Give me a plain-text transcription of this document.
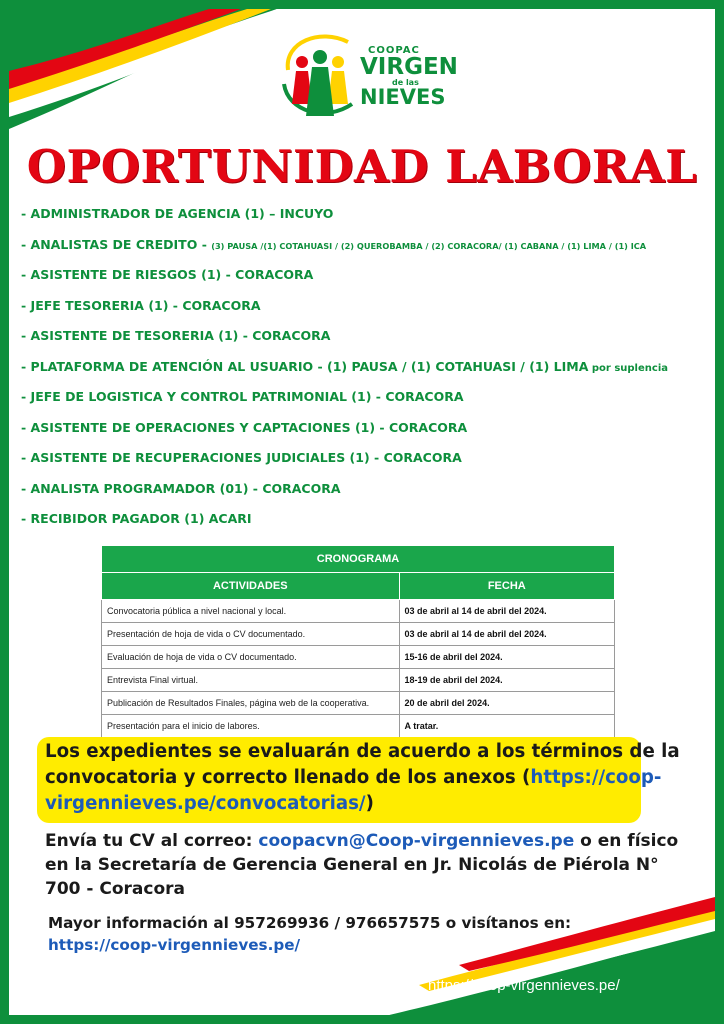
COOPAC
VIRGEN
de las
NIEVES
OPORTUNIDAD LABORAL
- ADMINISTRADOR DE AGENCIA (1) – INCUYO
- ANALISTAS DE CREDITO - (3) PAUSA /(1) COTAHUASI / (2) QUEROBAMBA / (2) CORACORA/ (1) CABANA / (1) LIMA / (1) ICA
- ASISTENTE DE RIESGOS (1) - CORACORA
- JEFE TESORERIA (1) - CORACORA
- ASISTENTE DE TESORERIA (1) - CORACORA
- PLATAFORMA DE ATENCIÓN AL USUARIO - (1) PAUSA / (1) COTAHUASI / (1) LIMA por suplencia
- JEFE DE LOGISTICA Y CONTROL PATRIMONIAL (1) - CORACORA
- ASISTENTE DE OPERACIONES Y CAPTACIONES (1) - CORACORA
- ASISTENTE DE RECUPERACIONES JUDICIALES (1) - CORACORA
- ANALISTA PROGRAMADOR (01) - CORACORA
- RECIBIDOR PAGADOR (1) ACARI
CRONOGRAMA	
ACTIVIDADES	FECHA
Convocatoria pública a nivel nacional y local.	03 de abril al 14 de abril del 2024.
Presentación de hoja de vida o CV documentado.	03 de abril al 14 de abril del 2024.
Evaluación de hoja de vida o CV documentado.	15-16 de abril del 2024.
Entrevista Final virtual.	18-19 de abril del 2024.
Publicación de Resultados Finales, página web de la cooperativa.	20 de abril del 2024.
Presentación para el inicio de labores.	A tratar.
Los expedientes se evaluarán de acuerdo a los términos de la convocatoria y correcto llenado de los anexos (https://coop-virgennieves.pe/convocatorias/)
Envía tu CV al correo: coopacvn@Coop-virgennieves.pe o en físico en la Secretaría de Gerencia General en Jr. Nicolás de Piérola N° 700 - Coracora
Mayor información al 957269936 / 976657575 o visítanos en: https://coop-virgennieves.pe/
https://coop-virgennieves.pe/
